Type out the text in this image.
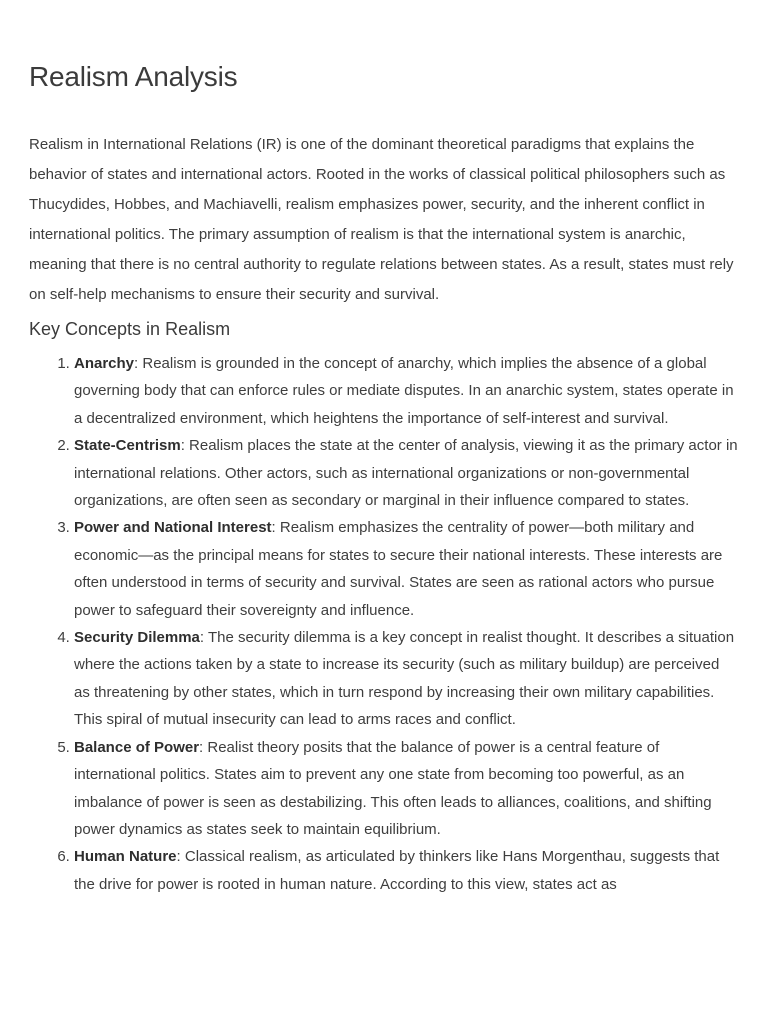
Realism Analysis

Realism in International Relations (IR) is one of the dominant theoretical paradigms that explains the behavior of states and international actors. Rooted in the works of classical political philosophers such as Thucydides, Hobbes, and Machiavelli, realism emphasizes power, security, and the inherent conflict in international politics. The primary assumption of realism is that the international system is anarchic, meaning that there is no central authority to regulate relations between states. As a result, states must rely on self-help mechanisms to ensure their security and survival.

Key Concepts in Realism
1. Anarchy: Realism is grounded in the concept of anarchy, which implies the absence of a global governing body that can enforce rules or mediate disputes. In an anarchic system, states operate in a decentralized environment, which heightens the importance of self-interest and survival.
2. State-Centrism: Realism places the state at the center of analysis, viewing it as the primary actor in international relations. Other actors, such as international organizations or non-governmental organizations, are often seen as secondary or marginal in their influence compared to states.
3. Power and National Interest: Realism emphasizes the centrality of power—both military and economic—as the principal means for states to secure their national interests. These interests are often understood in terms of security and survival. States are seen as rational actors who pursue power to safeguard their sovereignty and influence.
4. Security Dilemma: The security dilemma is a key concept in realist thought. It describes a situation where the actions taken by a state to increase its security (such as military buildup) are perceived as threatening by other states, which in turn respond by increasing their own military capabilities. This spiral of mutual insecurity can lead to arms races and conflict.
5. Balance of Power: Realist theory posits that the balance of power is a central feature of international politics. States aim to prevent any one state from becoming too powerful, as an imbalance of power is seen as destabilizing. This often leads to alliances, coalitions, and shifting power dynamics as states seek to maintain equilibrium.
6. Human Nature: Classical realism, as articulated by thinkers like Hans Morgenthau, suggests that the drive for power is rooted in human nature. According to this view, states act as
